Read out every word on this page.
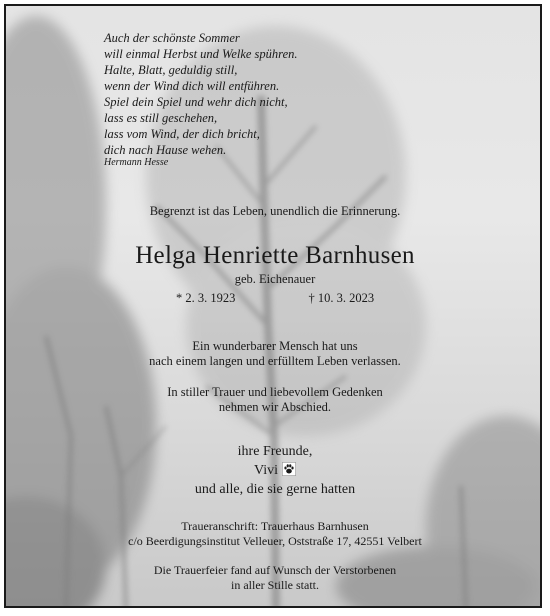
Auch der schönste Sommer
will einmal Herbst und Welke spühren.
Halte, Blatt, geduldig still,
wenn der Wind dich will entführen.
Spiel dein Spiel und wehr dich nicht,
lass es still geschehen,
lass vom Wind, der dich bricht,
dich nach Hause wehen.
Hermann Hesse
Begrenzt ist das Leben, unendlich die Erinnerung.
Helga Henriette Barnhusen
geb. Eichenauer
* 2. 3. 1923	† 10. 3. 2023
Ein wunderbarer Mensch hat uns
nach einem langen und erfülltem Leben verlassen.
In stiller Trauer und liebevollem Gedenken
nehmen wir Abschied.
ihre Freunde,
Vivi
und alle, die sie gerne hatten
Traueranschrift: Trauerhaus Barnhusen
c/o Beerdigungsinstitut Velleuer, Oststraße 17, 42551 Velbert
Die Trauerfeier fand auf Wunsch der Verstorbenen
in aller Stille statt.
